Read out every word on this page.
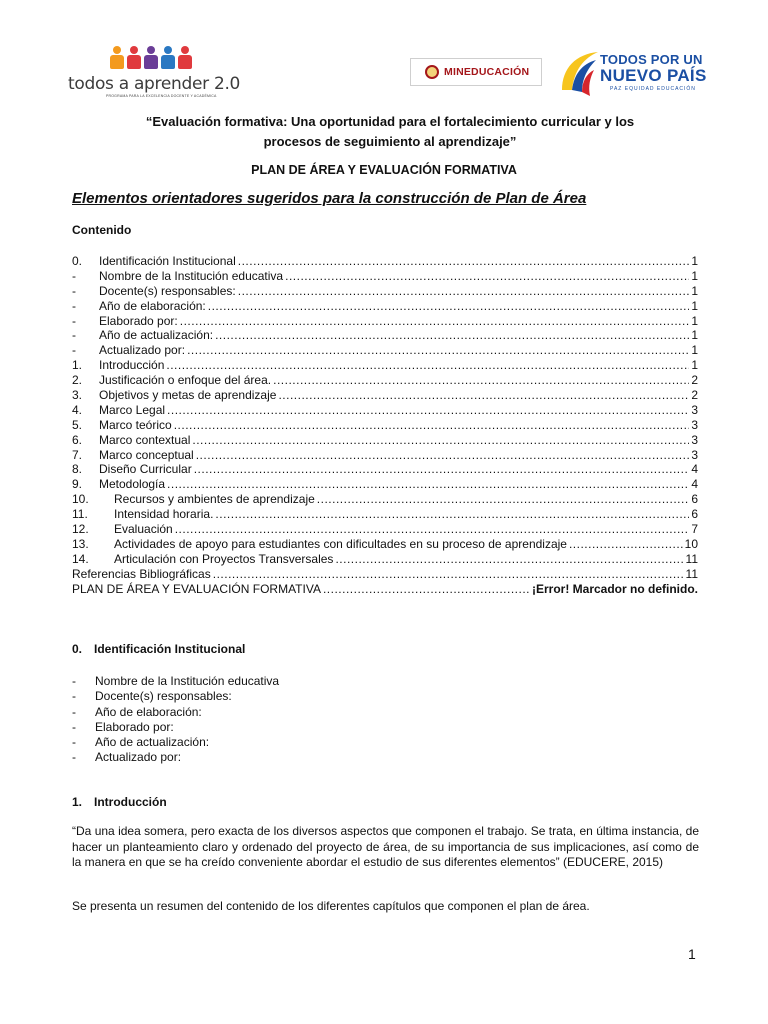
todos a aprender 2.0
PROGRAMA PARA LA EXCELENCIA DOCENTE Y ACADÉMICA
MINEDUCACIÓN
TODOS POR UN
NUEVO PAÍS
PAZ EQUIDAD EDUCACIÓN
“Evaluación formativa: Una oportunidad para el fortalecimiento curricular y los procesos de seguimiento al aprendizaje”
PLAN DE ÁREA Y EVALUACIÓN FORMATIVA
Elementos orientadores sugeridos para la construcción de Plan de Área
Contenido
0.	Identificación Institucional .....	1
-	Nombre de la Institución educativa .....	1
-	Docente(s) responsables: .....	1
-	Año de elaboración: .....	1
-	Elaborado por: .....	1
-	Año de actualización: .....	1
-	Actualizado por: .....	1
1.	Introducción .....	1
2.	Justificación o enfoque del área. .....	2
3.	Objetivos y metas de aprendizaje .....	2
4.	Marco Legal .....	3
5.	Marco teórico .....	3
6.	Marco contextual .....	3
7.	Marco conceptual .....	3
8.	Diseño Curricular .....	4
9.	Metodología .....	4
10.	Recursos y ambientes de aprendizaje .....	6
11.	Intensidad horaria. .....	6
12.	Evaluación .....	7
13.	Actividades de apoyo para estudiantes con dificultades en su proceso de aprendizaje .....	10
14.	Articulación con Proyectos Transversales .....	11
Referencias Bibliográficas .....	11
PLAN DE ÁREA Y EVALUACIÓN FORMATIVA .....	¡Error! Marcador no definido.
0. Identificación Institucional
- Nombre de la Institución educativa
- Docente(s) responsables:
- Año de elaboración:
- Elaborado por:
- Año de actualización:
- Actualizado por:
1. Introducción
“Da una idea somera, pero exacta de los diversos aspectos que componen el trabajo. Se trata, en última instancia, de hacer un planteamiento claro y ordenado del proyecto de área, de su importancia de sus implicaciones, así como de la manera en que se ha creído conveniente abordar el estudio de sus diferentes elementos” (EDUCERE, 2015)
Se presenta un resumen del contenido de los diferentes capítulos que componen el plan de área.
1
